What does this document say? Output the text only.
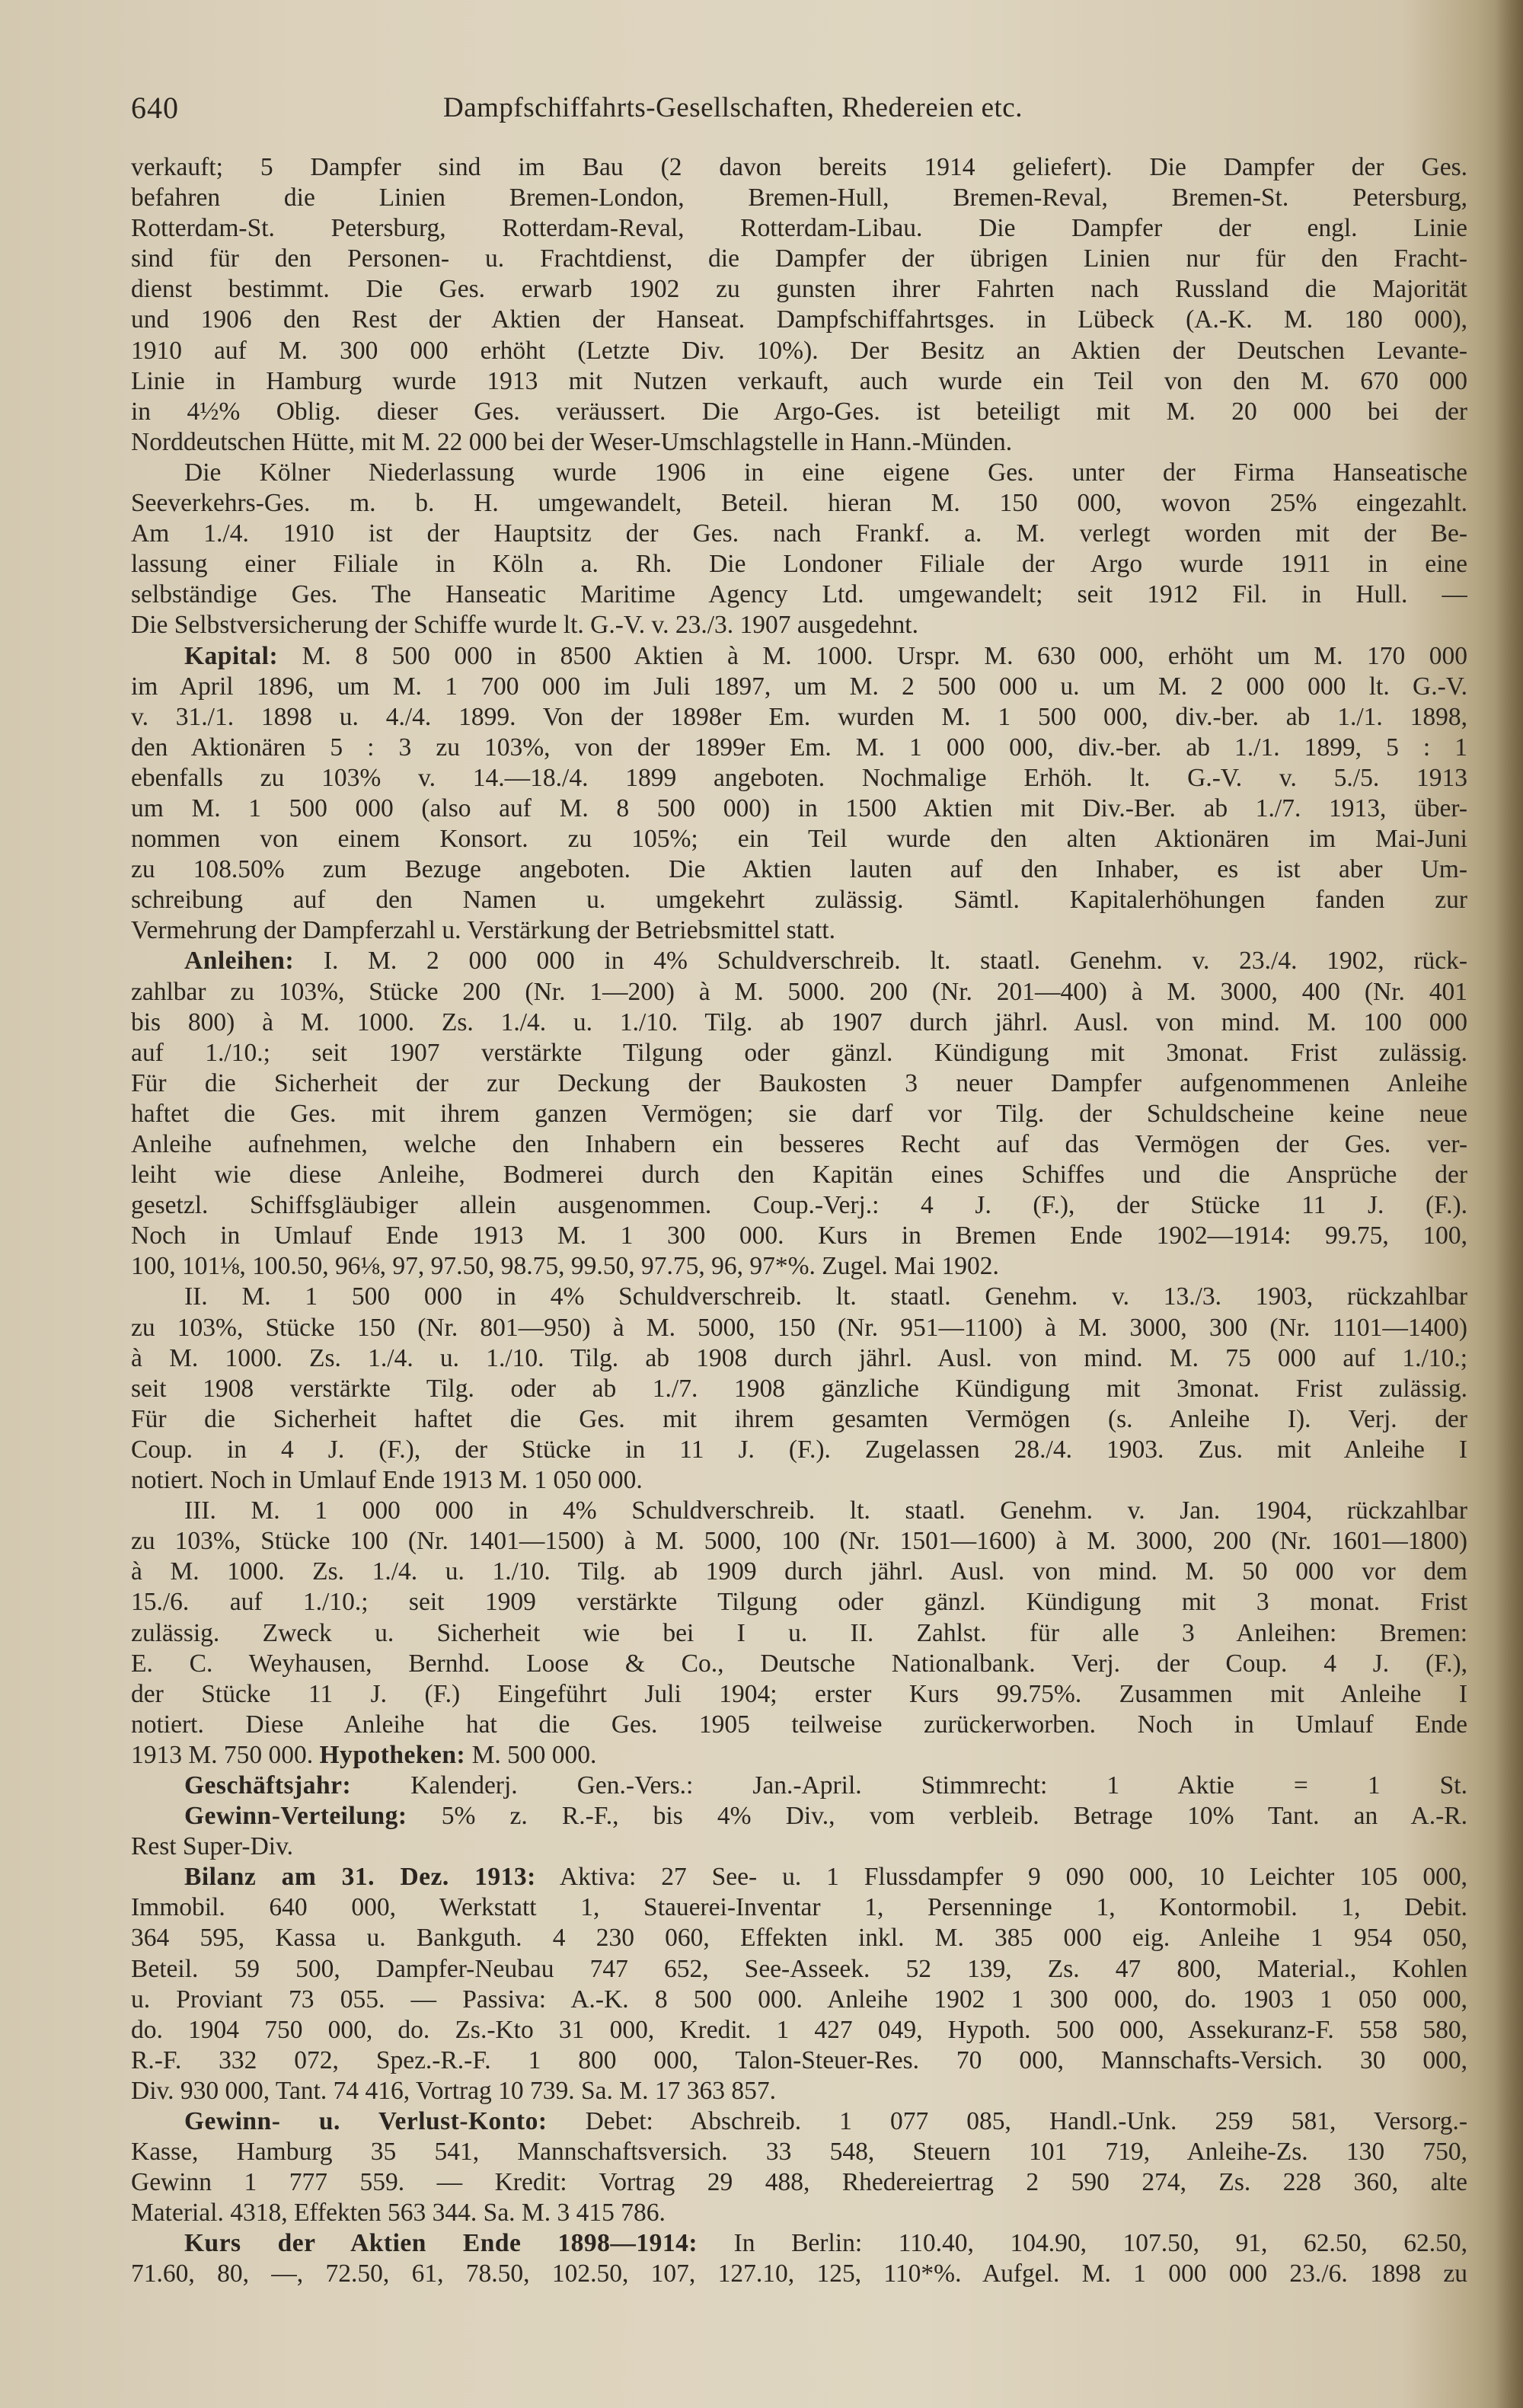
640	Dampfschiffahrts-Gesellschaften, Rhedereien etc.
verkauft; 5 Dampfer sind im Bau (2 davon bereits 1914 geliefert). Die Dampfer der Ges.
befahren die Linien Bremen-London, Bremen-Hull, Bremen-Reval, Bremen-St. Petersburg,
Rotterdam-St. Petersburg, Rotterdam-Reval, Rotterdam-Libau. Die Dampfer der engl. Linie
sind für den Personen- u. Frachtdienst, die Dampfer der übrigen Linien nur für den Fracht-
dienst bestimmt. Die Ges. erwarb 1902 zu gunsten ihrer Fahrten nach Russland die Majorität
und 1906 den Rest der Aktien der Hanseat. Dampfschiffahrtsges. in Lübeck (A.-K. M. 180 000),
1910 auf M. 300 000 erhöht (Letzte Div. 10%). Der Besitz an Aktien der Deutschen Levante-
Linie in Hamburg wurde 1913 mit Nutzen verkauft, auch wurde ein Teil von den M. 670 000
in 4½% Oblig. dieser Ges. veräussert. Die Argo-Ges. ist beteiligt mit M. 20 000 bei der
Norddeutschen Hütte, mit M. 22 000 bei der Weser-Umschlagstelle in Hann.-Münden.
Die Kölner Niederlassung wurde 1906 in eine eigene Ges. unter der Firma Hanseatische
Seeverkehrs-Ges. m. b. H. umgewandelt, Beteil. hieran M. 150 000, wovon 25% eingezahlt.
Am 1./4. 1910 ist der Hauptsitz der Ges. nach Frankf. a. M. verlegt worden mit der Be-
lassung einer Filiale in Köln a. Rh. Die Londoner Filiale der Argo wurde 1911 in eine
selbständige Ges. The Hanseatic Maritime Agency Ltd. umgewandelt; seit 1912 Fil. in Hull. —
Die Selbstversicherung der Schiffe wurde lt. G.-V. v. 23./3. 1907 ausgedehnt.
Kapital: M. 8 500 000 in 8500 Aktien à M. 1000. Urspr. M. 630 000, erhöht um M. 170 000
im April 1896, um M. 1 700 000 im Juli 1897, um M. 2 500 000 u. um M. 2 000 000 lt. G.-V.
v. 31./1. 1898 u. 4./4. 1899. Von der 1898er Em. wurden M. 1 500 000, div.-ber. ab 1./1. 1898,
den Aktionären 5 : 3 zu 103%, von der 1899er Em. M. 1 000 000, div.-ber. ab 1./1. 1899, 5 : 1
ebenfalls zu 103% v. 14.—18./4. 1899 angeboten. Nochmalige Erhöh. lt. G.-V. v. 5./5. 1913
um M. 1 500 000 (also auf M. 8 500 000) in 1500 Aktien mit Div.-Ber. ab 1./7. 1913, über-
nommen von einem Konsort. zu 105%; ein Teil wurde den alten Aktionären im Mai-Juni
zu 108.50% zum Bezuge angeboten. Die Aktien lauten auf den Inhaber, es ist aber Um-
schreibung auf den Namen u. umgekehrt zulässig. Sämtl. Kapitalerhöhungen fanden zur
Vermehrung der Dampferzahl u. Verstärkung der Betriebsmittel statt.
Anleihen: I. M. 2 000 000 in 4% Schuldverschreib. lt. staatl. Genehm. v. 23./4. 1902, rück-
zahlbar zu 103%, Stücke 200 (Nr. 1—200) à M. 5000. 200 (Nr. 201—400) à M. 3000, 400 (Nr. 401
bis 800) à M. 1000. Zs. 1./4. u. 1./10. Tilg. ab 1907 durch jährl. Ausl. von mind. M. 100 000
auf 1./10.; seit 1907 verstärkte Tilgung oder gänzl. Kündigung mit 3monat. Frist zulässig.
Für die Sicherheit der zur Deckung der Baukosten 3 neuer Dampfer aufgenommenen Anleihe
haftet die Ges. mit ihrem ganzen Vermögen; sie darf vor Tilg. der Schuldscheine keine neue
Anleihe aufnehmen, welche den Inhabern ein besseres Recht auf das Vermögen der Ges. ver-
leiht wie diese Anleihe, Bodmerei durch den Kapitän eines Schiffes und die Ansprüche der
gesetzl. Schiffsgläubiger allein ausgenommen. Coup.-Verj.: 4 J. (F.), der Stücke 11 J. (F.).
Noch in Umlauf Ende 1913 M. 1 300 000. Kurs in Bremen Ende 1902—1914: 99.75, 100,
100, 101⅛, 100.50, 96⅛, 97, 97.50, 98.75, 99.50, 97.75, 96, 97*%. Zugel. Mai 1902.
II. M. 1 500 000 in 4% Schuldverschreib. lt. staatl. Genehm. v. 13./3. 1903, rückzahlbar
zu 103%, Stücke 150 (Nr. 801—950) à M. 5000, 150 (Nr. 951—1100) à M. 3000, 300 (Nr. 1101—1400)
à M. 1000. Zs. 1./4. u. 1./10. Tilg. ab 1908 durch jährl. Ausl. von mind. M. 75 000 auf 1./10.;
seit 1908 verstärkte Tilg. oder ab 1./7. 1908 gänzliche Kündigung mit 3monat. Frist zulässig.
Für die Sicherheit haftet die Ges. mit ihrem gesamten Vermögen (s. Anleihe I). Verj. der
Coup. in 4 J. (F.), der Stücke in 11 J. (F.). Zugelassen 28./4. 1903. Zus. mit Anleihe I
notiert. Noch in Umlauf Ende 1913 M. 1 050 000.
III. M. 1 000 000 in 4% Schuldverschreib. lt. staatl. Genehm. v. Jan. 1904, rückzahlbar
zu 103%, Stücke 100 (Nr. 1401—1500) à M. 5000, 100 (Nr. 1501—1600) à M. 3000, 200 (Nr. 1601—1800)
à M. 1000. Zs. 1./4. u. 1./10. Tilg. ab 1909 durch jährl. Ausl. von mind. M. 50 000 vor dem
15./6. auf 1./10.; seit 1909 verstärkte Tilgung oder gänzl. Kündigung mit 3 monat. Frist
zulässig. Zweck u. Sicherheit wie bei I u. II. Zahlst. für alle 3 Anleihen: Bremen:
E. C. Weyhausen, Bernhd. Loose & Co., Deutsche Nationalbank. Verj. der Coup. 4 J. (F.),
der Stücke 11 J. (F.) Eingeführt Juli 1904; erster Kurs 99.75%. Zusammen mit Anleihe I
notiert. Diese Anleihe hat die Ges. 1905 teilweise zurückerworben. Noch in Umlauf Ende
1913 M. 750 000. Hypotheken: M. 500 000.
Geschäftsjahr: Kalenderj. Gen.-Vers.: Jan.-April. Stimmrecht: 1 Aktie = 1 St.
Gewinn-Verteilung: 5% z. R.-F., bis 4% Div., vom verbleib. Betrage 10% Tant. an A.-R.
Rest Super-Div.
Bilanz am 31. Dez. 1913: Aktiva: 27 See- u. 1 Flussdampfer 9 090 000, 10 Leichter 105 000,
Immobil. 640 000, Werkstatt 1, Stauerei-Inventar 1, Persenninge 1, Kontormobil. 1, Debit.
364 595, Kassa u. Bankguth. 4 230 060, Effekten inkl. M. 385 000 eig. Anleihe 1 954 050,
Beteil. 59 500, Dampfer-Neubau 747 652, See-Asseek. 52 139, Zs. 47 800, Material., Kohlen
u. Proviant 73 055. — Passiva: A.-K. 8 500 000. Anleihe 1902 1 300 000, do. 1903 1 050 000,
do. 1904 750 000, do. Zs.-Kto 31 000, Kredit. 1 427 049, Hypoth. 500 000, Assekuranz-F. 558 580,
R.-F. 332 072, Spez.-R.-F. 1 800 000, Talon-Steuer-Res. 70 000, Mannschafts-Versich. 30 000,
Div. 930 000, Tant. 74 416, Vortrag 10 739. Sa. M. 17 363 857.
Gewinn- u. Verlust-Konto: Debet: Abschreib. 1 077 085, Handl.-Unk. 259 581, Versorg.-
Kasse, Hamburg 35 541, Mannschaftsversich. 33 548, Steuern 101 719, Anleihe-Zs. 130 750,
Gewinn 1 777 559. — Kredit: Vortrag 29 488, Rhedereiertrag 2 590 274, Zs. 228 360, alte
Material. 4318, Effekten 563 344. Sa. M. 3 415 786.
Kurs der Aktien Ende 1898—1914: In Berlin: 110.40, 104.90, 107.50, 91, 62.50, 62.50,
71.60, 80, —, 72.50, 61, 78.50, 102.50, 107, 127.10, 125, 110*%. Aufgel. M. 1 000 000 23./6. 1898 zu
